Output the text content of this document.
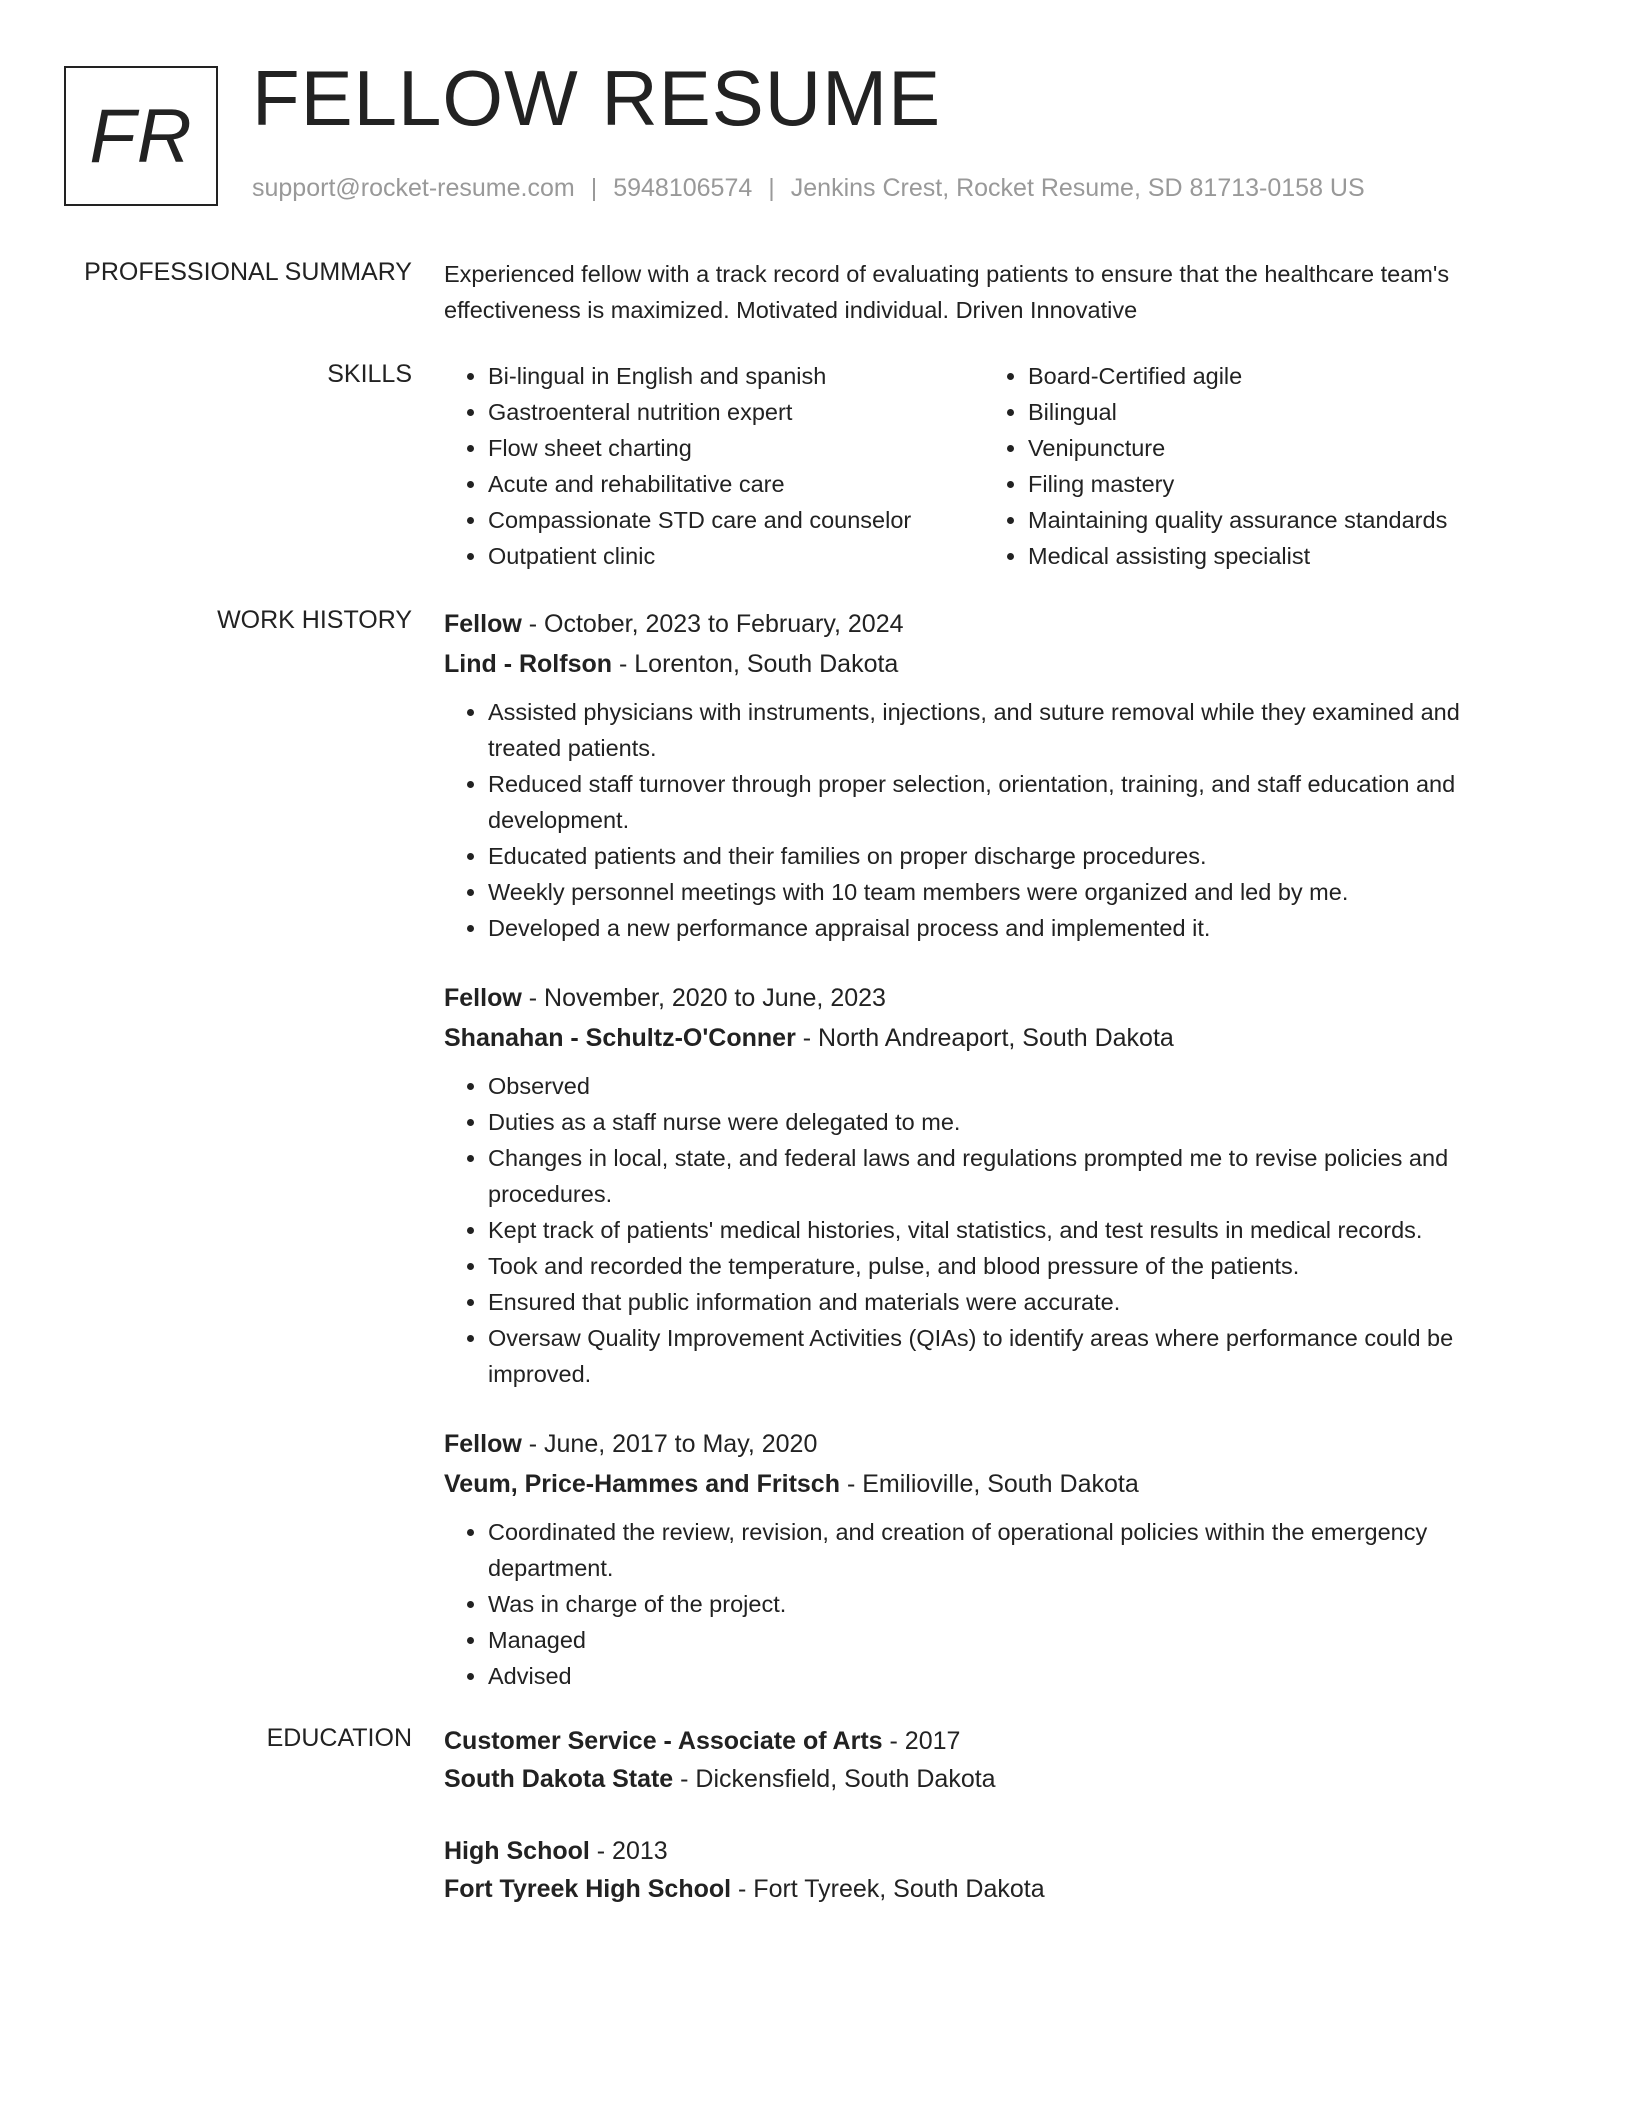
FR FELLOW RESUME
support@rocket-resume.com | 5948106574 | Jenkins Crest, Rocket Resume, SD 81713-0158 US
PROFESSIONAL SUMMARY Experienced fellow with a track record of evaluating patients to ensure that the healthcare team's effectiveness is maximized. Motivated individual. Driven Innovative
SKILLS
•	Bi-lingual in English and spanish
• Gastroenteral nutrition expert
• Flow sheet charting
• Acute and rehabilitative care
• Compassionate STD care and counselor
• Outpatient clinic
• Board-Certified agile
• Bilingual
• Venipuncture
• Filing mastery
• Maintaining quality assurance standards
• Medical assisting specialist
WORK HISTORY Fellow - October, 2023 to February, 2024
Lind - Rolfson - Lorenton, South Dakota
• Assisted physicians with instruments, injections, and suture removal while they examined and treated patients.
• Reduced staff turnover through proper selection, orientation, training, and staff education and development.
• Educated patients and their families on proper discharge procedures.
• Weekly personnel meetings with 10 team members were organized and led by me.
• Developed a new performance appraisal process and implemented it.
Fellow - November, 2020 to June, 2023
Shanahan - Schultz-O'Conner - North Andreaport, South Dakota
• Observed
• Duties as a staff nurse were delegated to me.
• Changes in local, state, and federal laws and regulations prompted me to revise policies and procedures.
• Kept track of patients' medical histories, vital statistics, and test results in medical records.
• Took and recorded the temperature, pulse, and blood pressure of the patients.
• Ensured that public information and materials were accurate.
• Oversaw Quality Improvement Activities (QIAs) to identify areas where performance could be improved.
Fellow - June, 2017 to May, 2020
Veum, Price-Hammes and Fritsch - Emilioville, South Dakota
• Coordinated the review, revision, and creation of operational policies within the emergency department.
• Was in charge of the project.
• Managed
• Advised
EDUCATION Customer Service - Associate of Arts - 2017
South Dakota State - Dickensfield, South Dakota
High School - 2013
Fort Tyreek High School - Fort Tyreek, South Dakota
